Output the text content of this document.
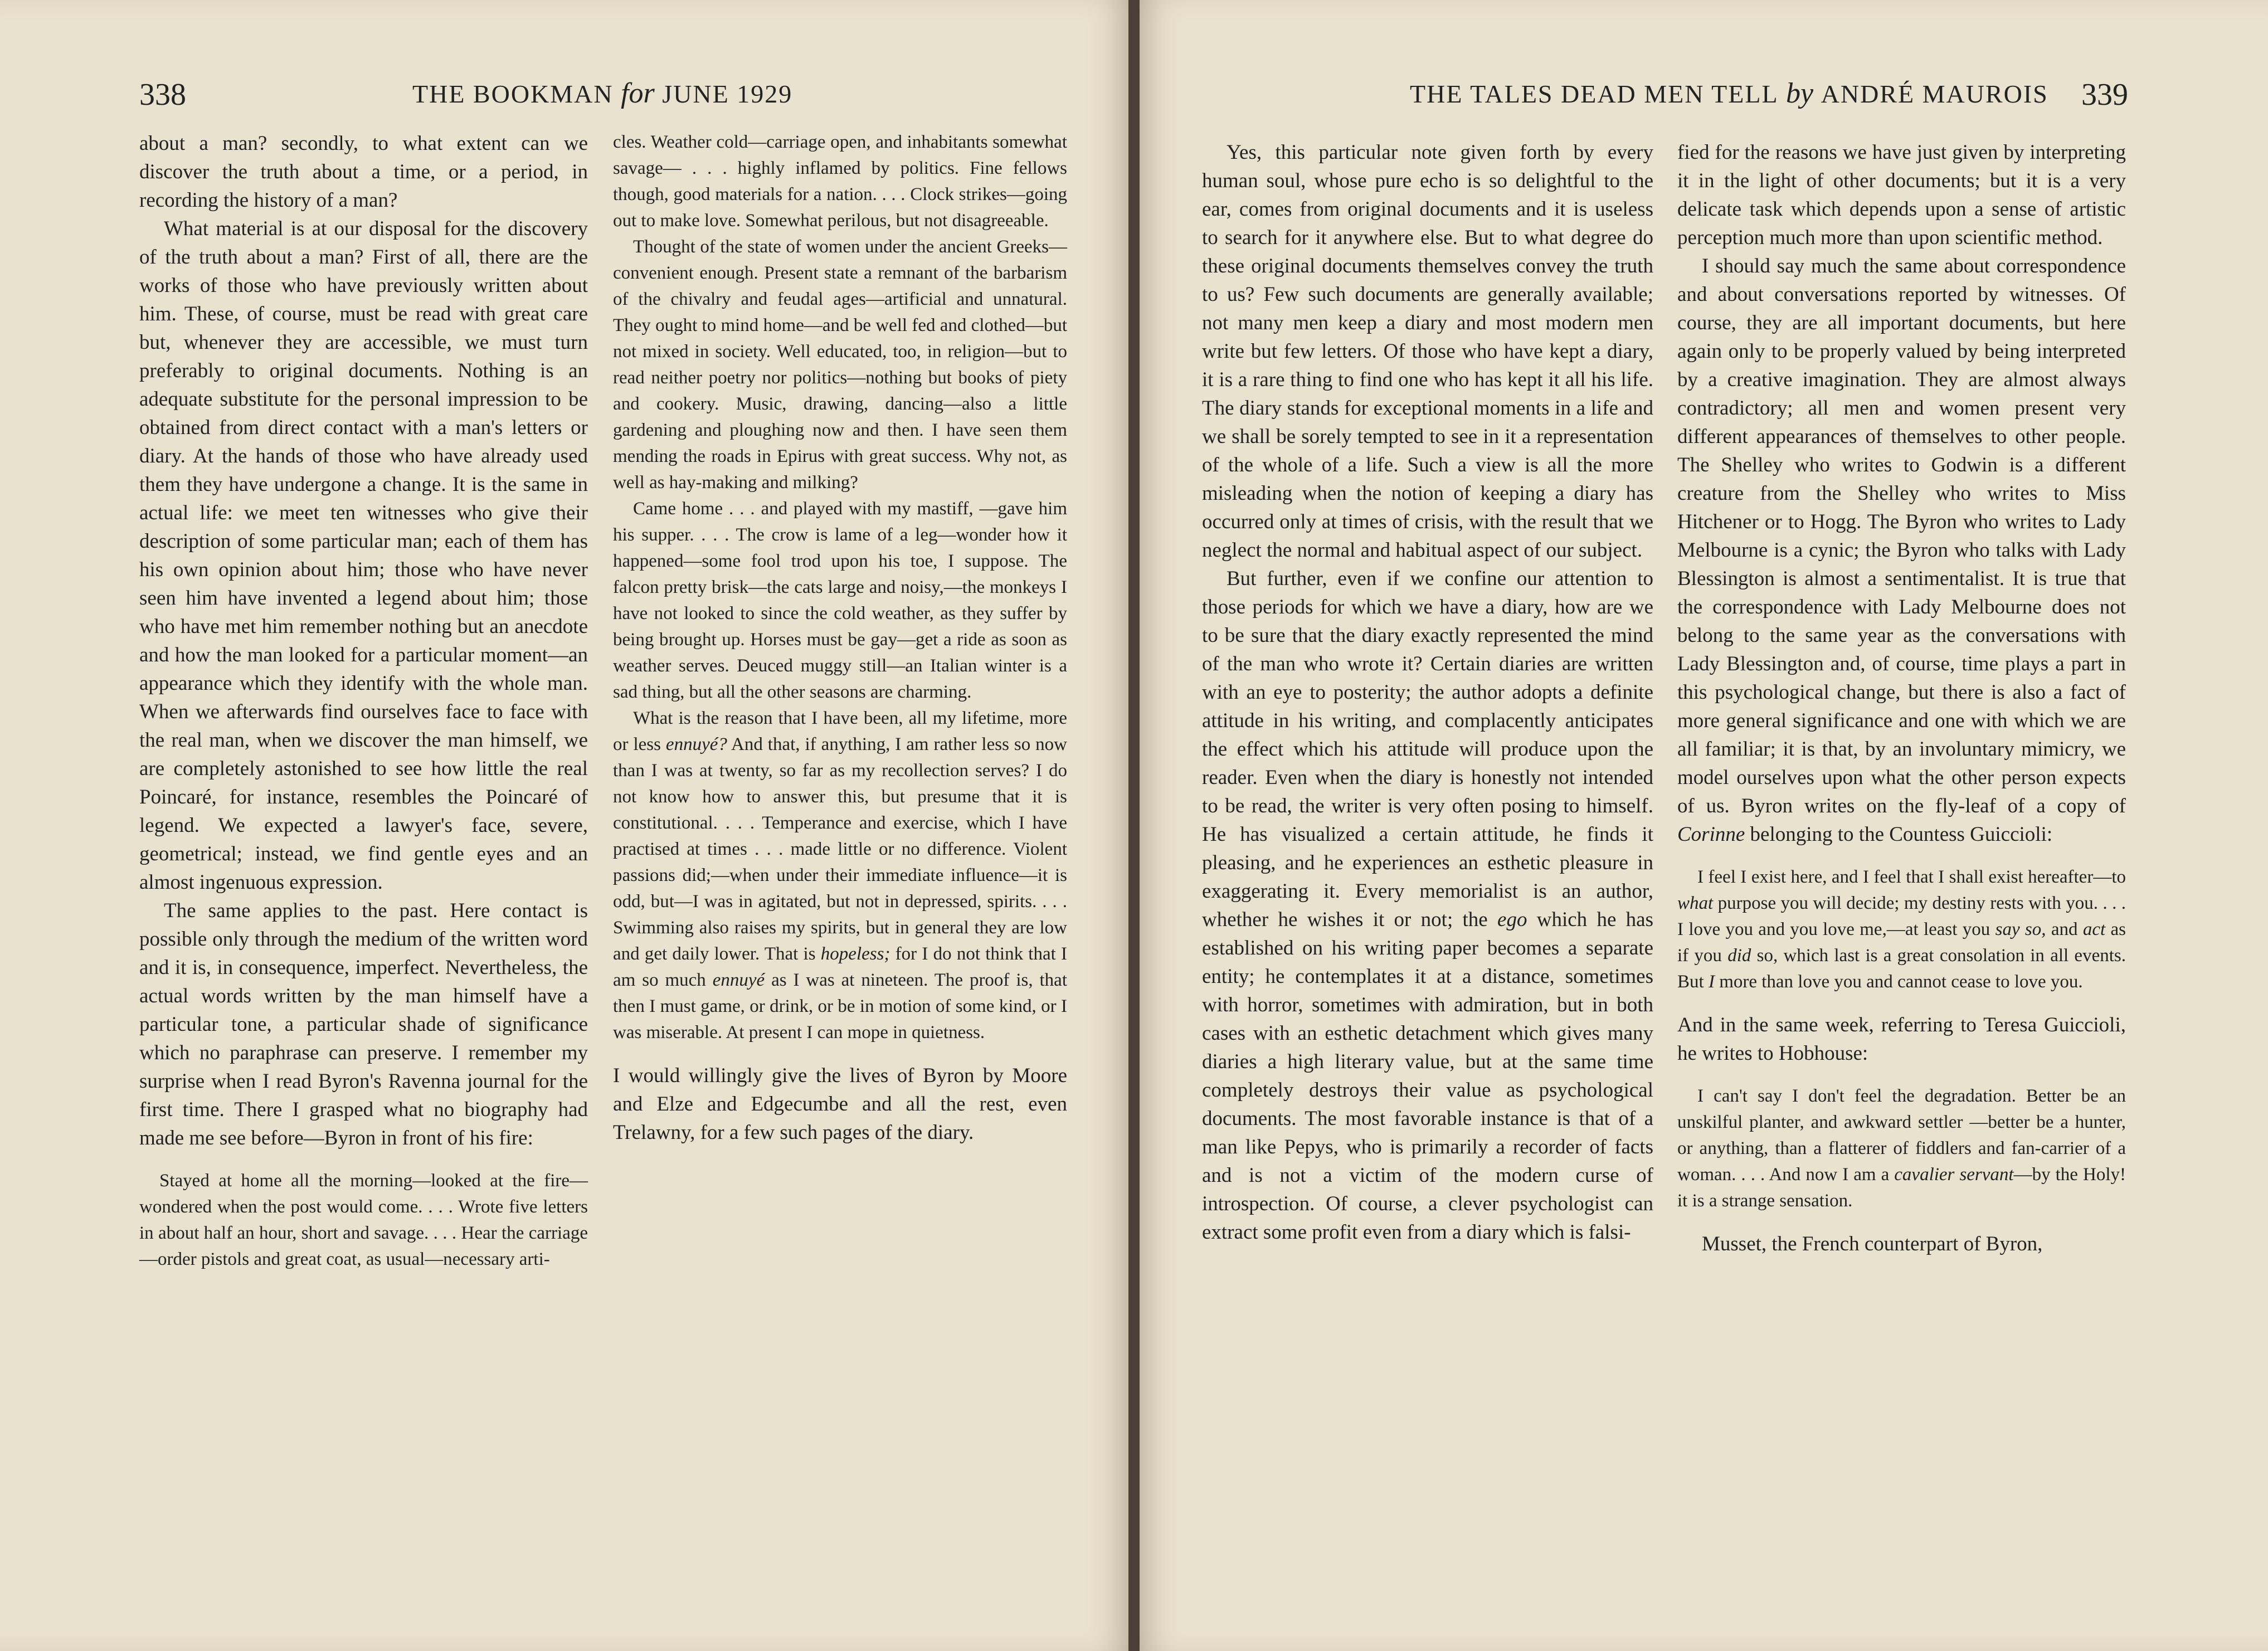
338	THE BOOKMAN for JUNE 1929

about a man? secondly, to what extent can we discover the truth about a time, or a period, in recording the history of a man?

What material is at our disposal for the discovery of the truth about a man? First of all, there are the works of those who have previously written about him. These, of course, must be read with great care but, whenever they are accessible, we must turn preferably to original documents. Nothing is an adequate substitute for the personal impression to be obtained from direct contact with a man's letters or diary. At the hands of those who have already used them they have undergone a change. It is the same in actual life: we meet ten witnesses who give their description of some particular man; each of them has his own opinion about him; those who have never seen him have invented a legend about him; those who have met him remember nothing but an anecdote and how the man looked for a particular moment—an appearance which they identify with the whole man. When we afterwards find ourselves face to face with the real man, when we discover the man himself, we are completely astonished to see how little the real Poincaré, for instance, resembles the Poincaré of legend. We expected a lawyer's face, severe, geometrical; instead, we find gentle eyes and an almost ingenuous expression.

The same applies to the past. Here contact is possible only through the medium of the written word and it is, in consequence, imperfect. Nevertheless, the actual words written by the man himself have a particular tone, a particular shade of significance which no paraphrase can preserve. I remember my surprise when I read Byron's Ravenna journal for the first time. There I grasped what no biography had made me see before—Byron in front of his fire:

Stayed at home all the morning—looked at the fire—wondered when the post would come. . . . Wrote five letters in about half an hour, short and savage. . . . Hear the carriage—order pistols and great coat, as usual—necessary arti-

cles. Weather cold—carriage open, and inhabitants somewhat savage— . . . highly inflamed by politics. Fine fellows though, good materials for a nation. . . . Clock strikes—going out to make love. Somewhat perilous, but not disagreeable.

Thought of the state of women under the ancient Greeks—convenient enough. Present state a remnant of the barbarism of the chivalry and feudal ages—artificial and unnatural. They ought to mind home—and be well fed and clothed—but not mixed in society. Well educated, too, in religion—but to read neither poetry nor politics—nothing but books of piety and cookery. Music, drawing, dancing—also a little gardening and ploughing now and then. I have seen them mending the roads in Epirus with great success. Why not, as well as hay-making and milking?

Came home . . . and played with my mastiff, —gave him his supper. . . . The crow is lame of a leg—wonder how it happened—some fool trod upon his toe, I suppose. The falcon pretty brisk—the cats large and noisy,—the monkeys I have not looked to since the cold weather, as they suffer by being brought up. Horses must be gay—get a ride as soon as weather serves. Deuced muggy still—an Italian winter is a sad thing, but all the other seasons are charming.

What is the reason that I have been, all my lifetime, more or less ennuyé? And that, if anything, I am rather less so now than I was at twenty, so far as my recollection serves? I do not know how to answer this, but presume that it is constitutional. . . . Temperance and exercise, which I have practised at times . . . made little or no difference. Violent passions did;—when under their immediate influence—it is odd, but—I was in agitated, but not in depressed, spirits. . . . Swimming also raises my spirits, but in general they are low and get daily lower. That is hopeless; for I do not think that I am so much ennuyé as I was at nineteen. The proof is, that then I must game, or drink, or be in motion of some kind, or I was miserable. At present I can mope in quietness.

I would willingly give the lives of Byron by Moore and Elze and Edgecumbe and all the rest, even Trelawny, for a few such pages of the diary.

THE TALES DEAD MEN TELL by ANDRÉ MAUROIS 339

Yes, this particular note given forth by every human soul, whose pure echo is so delightful to the ear, comes from original documents and it is useless to search for it anywhere else. But to what degree do these original documents themselves convey the truth to us? Few such documents are generally available; not many men keep a diary and most modern men write but few letters. Of those who have kept a diary, it is a rare thing to find one who has kept it all his life. The diary stands for exceptional moments in a life and we shall be sorely tempted to see in it a representation of the whole of a life. Such a view is all the more misleading when the notion of keeping a diary has occurred only at times of crisis, with the result that we neglect the normal and habitual aspect of our subject.

But further, even if we confine our attention to those periods for which we have a diary, how are we to be sure that the diary exactly represented the mind of the man who wrote it? Certain diaries are written with an eye to posterity; the author adopts a definite attitude in his writing, and complacently anticipates the effect which his attitude will produce upon the reader. Even when the diary is honestly not intended to be read, the writer is very often posing to himself. He has visualized a certain attitude, he finds it pleasing, and he experiences an esthetic pleasure in exaggerating it. Every memorialist is an author, whether he wishes it or not; the ego which he has established on his writing paper becomes a separate entity; he contemplates it at a distance, sometimes with horror, sometimes with admiration, but in both cases with an esthetic detachment which gives many diaries a high literary value, but at the same time completely destroys their value as psychological documents. The most favorable instance is that of a man like Pepys, who is primarily a recorder of facts and is not a victim of the modern curse of introspection. Of course, a clever psychologist can extract some profit even from a diary which is falsi-

fied for the reasons we have just given by interpreting it in the light of other documents; but it is a very delicate task which depends upon a sense of artistic perception much more than upon scientific method.

I should say much the same about correspondence and about conversations reported by witnesses. Of course, they are all important documents, but here again only to be properly valued by being interpreted by a creative imagination. They are almost always contradictory; all men and women present very different appearances of themselves to other people. The Shelley who writes to Godwin is a different creature from the Shelley who writes to Miss Hitchener or to Hogg. The Byron who writes to Lady Melbourne is a cynic; the Byron who talks with Lady Blessington is almost a sentimentalist. It is true that the correspondence with Lady Melbourne does not belong to the same year as the conversations with Lady Blessington and, of course, time plays a part in this psychological change, but there is also a fact of more general significance and one with which we are all familiar; it is that, by an involuntary mimicry, we model ourselves upon what the other person expects of us. Byron writes on the fly-leaf of a copy of Corinne belonging to the Countess Guiccioli:

I feel I exist here, and I feel that I shall exist hereafter—to what purpose you will decide; my destiny rests with you. . . . I love you and you love me,—at least you say so, and act as if you did so, which last is a great consolation in all events. But I more than love you and cannot cease to love you.

And in the same week, referring to Teresa Guiccioli, he writes to Hobhouse:

I can't say I don't feel the degradation. Better be an unskilful planter, and awkward settler —better be a hunter, or anything, than a flatterer of fiddlers and fan-carrier of a woman. . . . And now I am a cavalier servant—by the Holy! it is a strange sensation.

Musset, the French counterpart of Byron,
